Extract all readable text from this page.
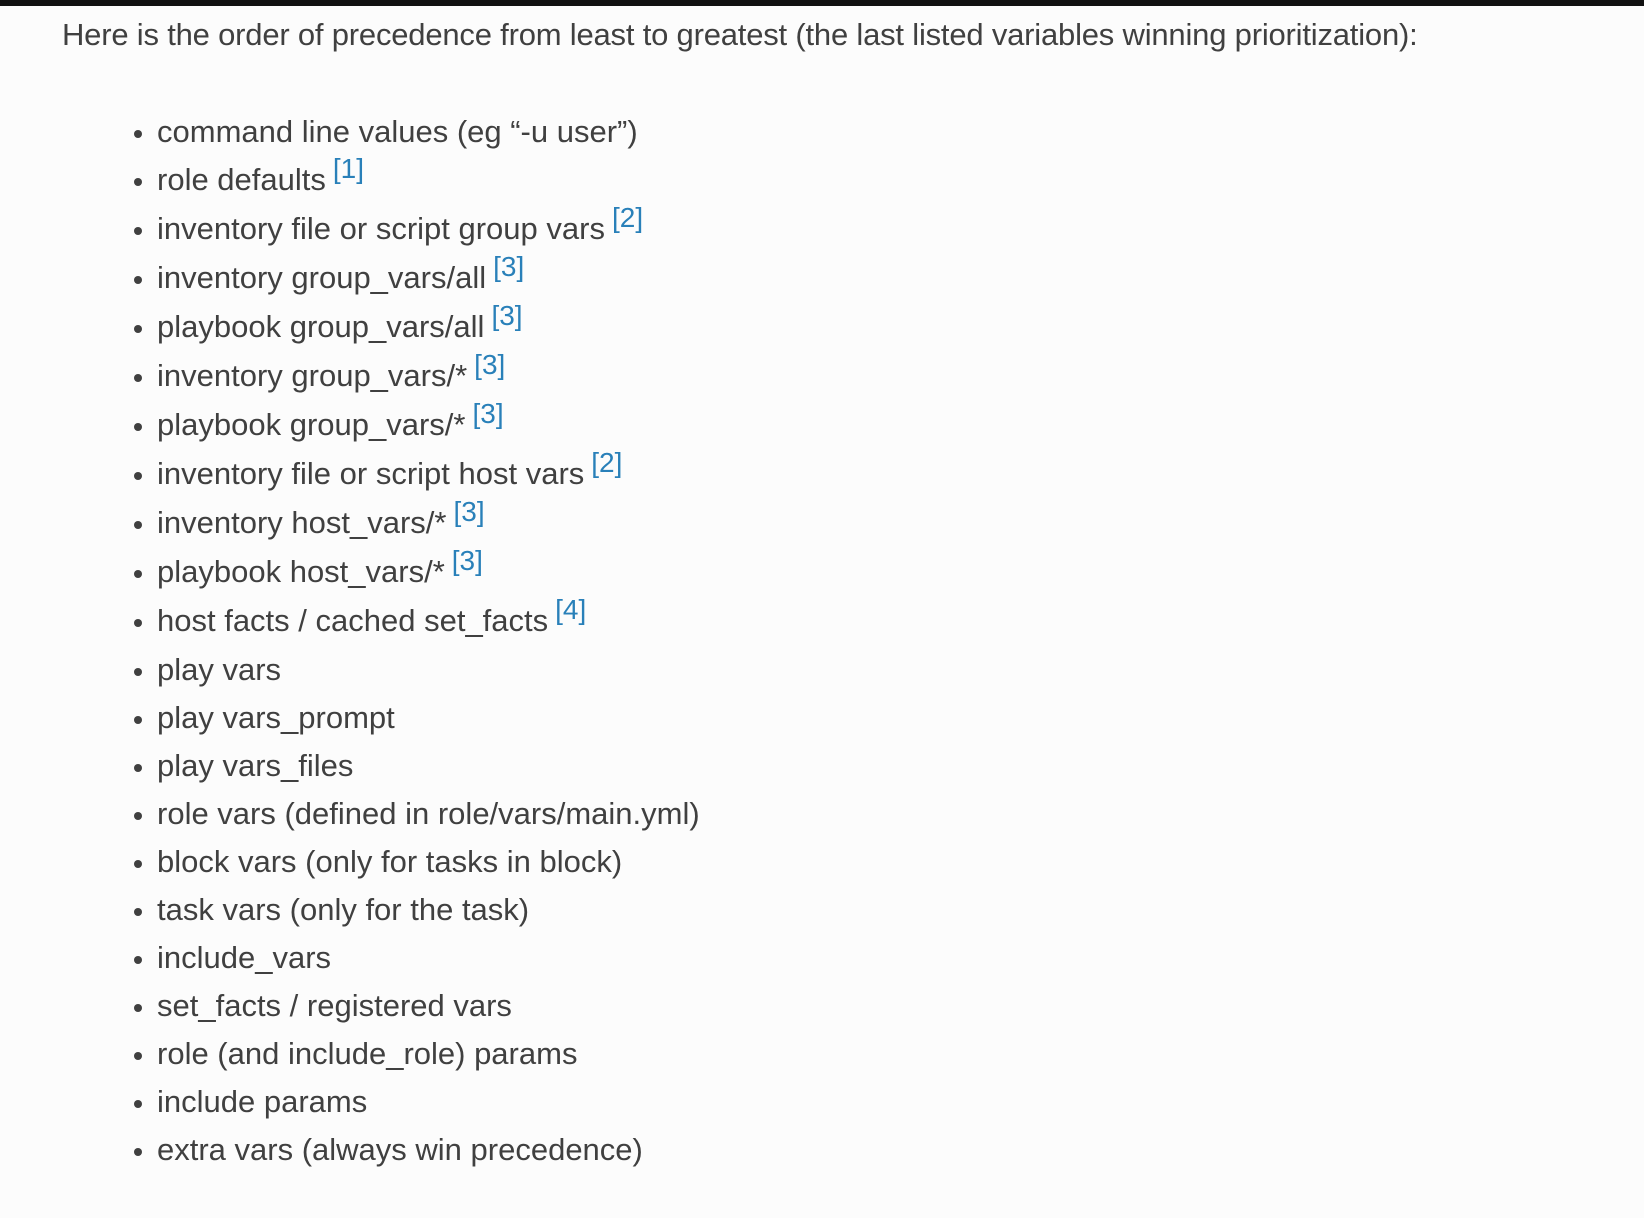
Here is the order of precedence from least to greatest (the last listed variables winning prioritization):

• command line values (eg “-u user”)
• role defaults [1]
• inventory file or script group vars [2]
• inventory group_vars/all [3]
• playbook group_vars/all [3]
• inventory group_vars/* [3]
• playbook group_vars/* [3]
• inventory file or script host vars [2]
• inventory host_vars/* [3]
• playbook host_vars/* [3]
• host facts / cached set_facts [4]
• play vars
• play vars_prompt
• play vars_files
• role vars (defined in role/vars/main.yml)
• block vars (only for tasks in block)
• task vars (only for the task)
• include_vars
• set_facts / registered vars
• role (and include_role) params
• include params
• extra vars (always win precedence)
